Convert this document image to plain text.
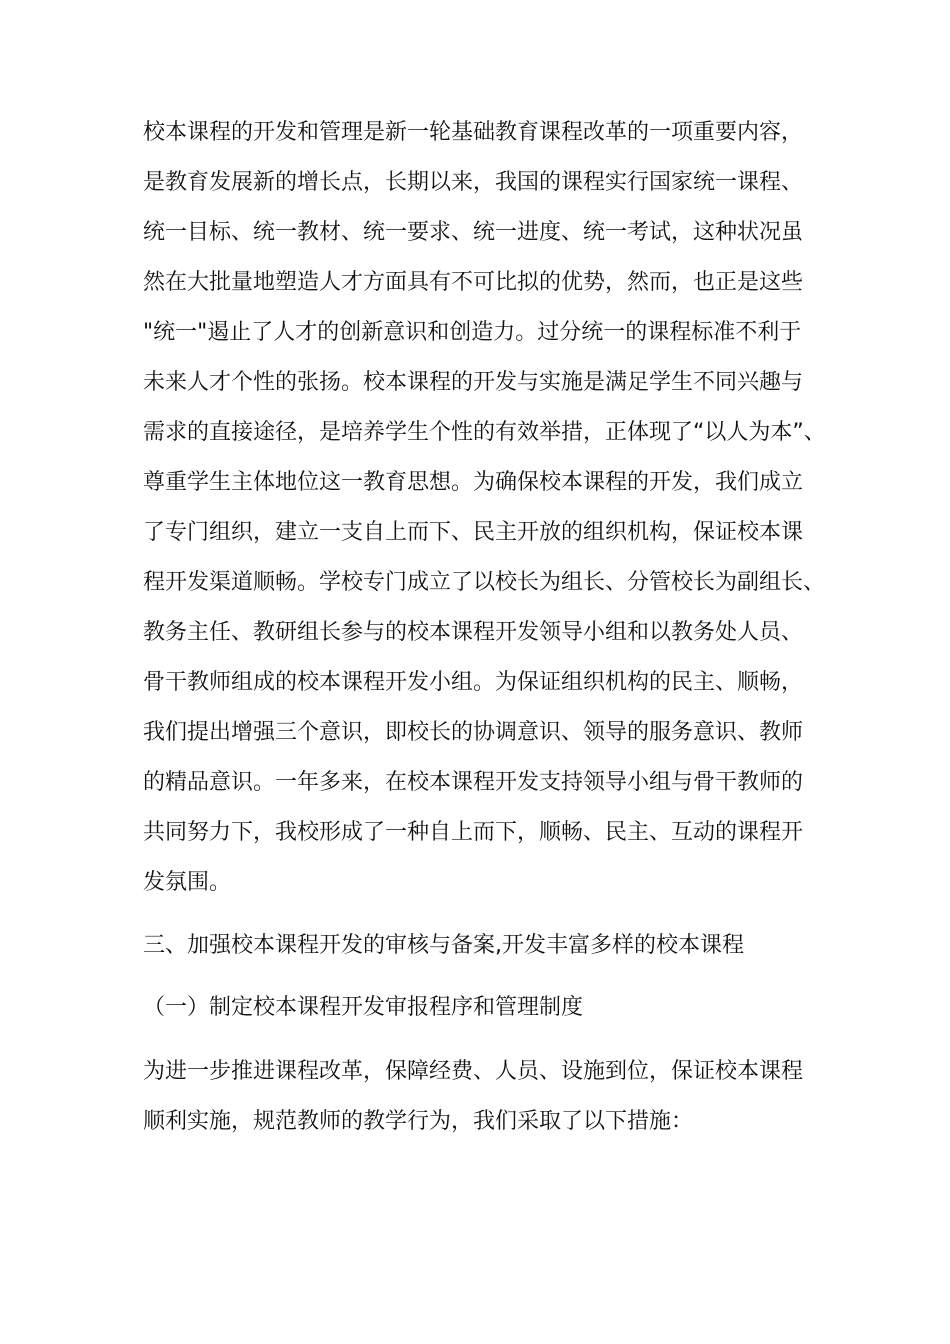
校本课程的开发和管理是新一轮基础教育课程改革的一项重要内容，
是教育发展新的增长点，长期以来，我国的课程实行国家统一课程、
统一目标、统一教材、统一要求、统一进度、统一考试，这种状况虽
然在大批量地塑造人才方面具有不可比拟的优势，然而，也正是这些
"统一"遏止了人才的创新意识和创造力。过分统一的课程标准不利于
未来人才个性的张扬。校本课程的开发与实施是满足学生不同兴趣与
需求的直接途径，是培养学生个性的有效举措，正体现了“以人为本”、
尊重学生主体地位这一教育思想。为确保校本课程的开发，我们成立
了专门组织，建立一支自上而下、民主开放的组织机构，保证校本课
程开发渠道顺畅。学校专门成立了以校长为组长、分管校长为副组长、
教务主任、教研组长参与的校本课程开发领导小组和以教务处人员、
骨干教师组成的校本课程开发小组。为保证组织机构的民主、顺畅，
我们提出增强三个意识，即校长的协调意识、领导的服务意识、教师
的精品意识。一年多来，在校本课程开发支持领导小组与骨干教师的
共同努力下，我校形成了一种自上而下，顺畅、民主、互动的课程开
发氛围。
三、加强校本课程开发的审核与备案,开发丰富多样的校本课程
（一）制定校本课程开发审报程序和管理制度
为进一步推进课程改革，保障经费、人员、设施到位，保证校本课程
顺利实施，规范教师的教学行为，我们采取了以下措施：
